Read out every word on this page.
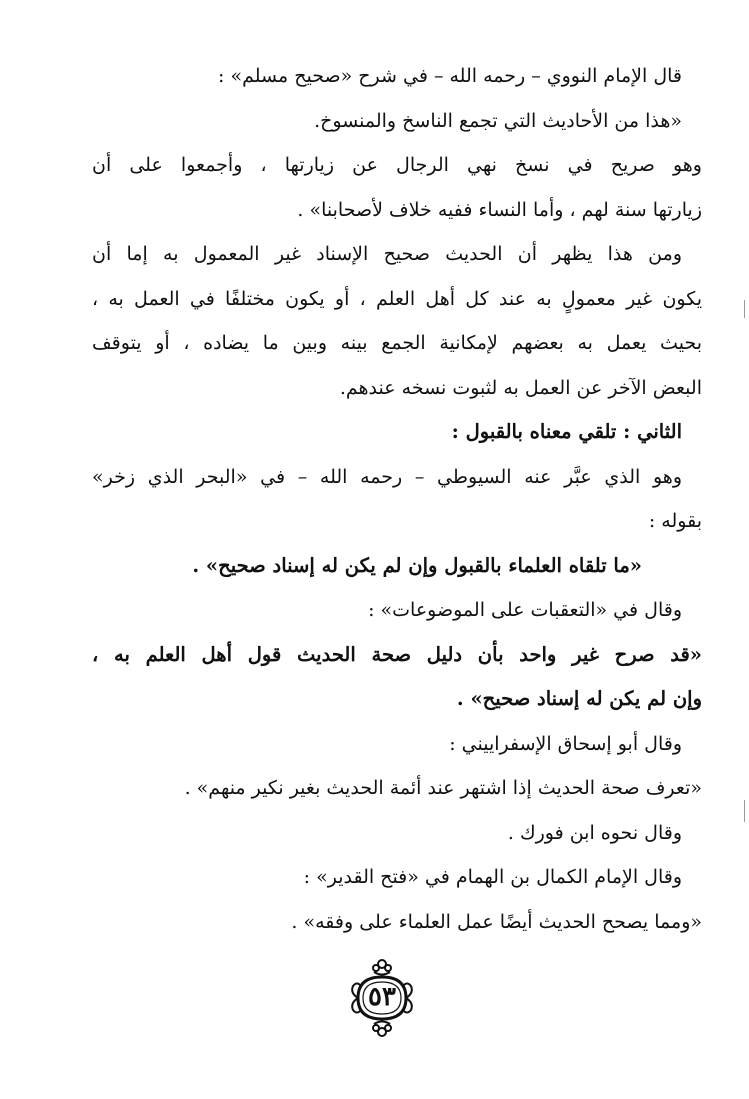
قال الإمام النووي – رحمه الله – في شرح «صحيح مسلم» :
«هذا من الأحاديث التي تجمع الناسخ والمنسوخ.
وهو صريح في نسخ نهي الرجال عن زيارتها ، وأجمعوا على أن
زيارتها سنة لهم ، وأما النساء ففيه خلاف لأصحابنا» .
ومن هذا يظهر أن الحديث صحيح الإسناد غير المعمول به إما أن
يكون غير معمولٍ به عند كل أهل العلم ، أو يكون مختلفًا في العمل به ،
بحيث يعمل به بعضهم لإمكانية الجمع بينه وبين ما يضاده ، أو يتوقف
البعض الآخر عن العمل به لثبوت نسخه عندهم.
الثاني : تلقي معناه بالقبول :
وهو الذي عبَّر عنه السيوطي – رحمه الله – في «البحر الذي زخر»
بقوله :
«ما تلقاه العلماء بالقبول وإن لم يكن له إسناد صحيح» .
وقال في «التعقبات على الموضوعات» :
«قد صرح غير واحد بأن دليل صحة الحديث قول أهل العلم به ،
وإن لم يكن له إسناد صحيح» .
وقال أبو إسحاق الإسفراييني :
«تعرف صحة الحديث إذا اشتهر عند أئمة الحديث بغير نكير منهم» .
وقال نحوه ابن فورك .
وقال الإمام الكمال بن الهمام في «فتح القدير» :
«ومما يصحح الحديث أيضًا عمل العلماء على وفقه» .
٥٣
